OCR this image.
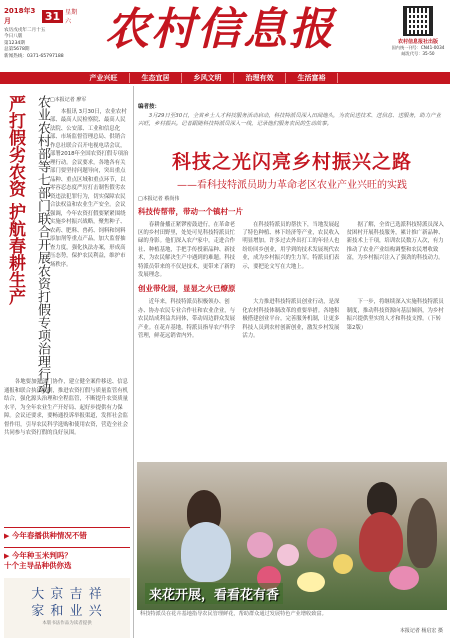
2018年3月	31 星期六
农历戊戌年二月十五
今日八版
第1234期
总第5678期
新闻热线：0371-65797188
农村信息报	农村信息报社出版
国内统一刊号：CN41-0034
邮发代号：35-50
产业兴旺	生态宜居	乡风文明	治理有效	生活富裕
严打假劣农资 护航春耕生产 农业农村部等七部门联合开展农资打假专项治理行动 □本报记者 廖军

本报讯 3月30日，农业农村部、最高人民检察院、最高人民法院、公安部、工业和信息化部、市场监督管理总局、供销合作总社联合召开电视电话会议，部署2018年全国农资打假专项治理行动。会议要求，各地各有关部门要坚持问题导向，突出重点品种、重点区域和重点环节，以零容忍态度严厉打击制售假劣农资违法犯罪行为，切实保障农民合法权益和农业生产安全。会议强调，今年农资打假要紧紧围绕实施乡村振兴战略，聚焦种子、农药、肥料、兽药、饲料和饲料添加剂等重点产品，加大监督抽查力度，强化执法办案，形成高压态势，保护农民利益，维护市场秩序。

各地要加强部门协作，建立健全案件移送、信息通报和联合执法机制，推进农资打假与质量监管有机结合，强化源头治理和全程监管，不断提升农资质量水平，为全年农业生产开好局、起好步提供有力保障。会议还要求，要畅通投诉举报渠道，发挥社会监督作用，引导农民科学选购和使用农资，营造全社会共同参与农资打假的良好氛围。
▶ 今年春播供种情况不错
▶ 今年种玉米判吗？
十个主导品种供你选
大 京 吉 祥
家 和 业 兴
本版书法作品为读者提供
编者按：
3月29日至30日，全省乡土人才科技服务活动启动，科技特派员深入田间地头，为农民送技术、送信息、送服务，助力产业兴旺，乡村振兴。记者跟随科技特派员深入一线，记录他们服务农民的生动故事。
科技之光闪亮乡村振兴之路
——看科技特派员助力革命老区农业产业兴旺的实践
□本报记者 蔡尚伟
科技传帮带，带动一个镇村一片
春耕备播正紧锣密鼓进行，在革命老区的乡村田野里，处处可见科技特派员忙碌的身影。他们深入农户家中，走进合作社、种植基地，手把手传授新品种、新技术，为农民解决生产中遇到的难题。科技特派员带来的不仅是技术，更带来了新的发展理念。
在科技特派员的帮扶下，当地发展起了特色种植、林下经济等产业，农民收入明显增加。许多过去外出打工的年轻人也纷纷回乡创业，用学到的技术发展现代农业，成为乡村振兴的生力军。特派员们表示，要把论文写在大地上。
据了解，全省已选派科技特派员深入贫困村开展科技服务，累计推广新品种、新技术上千项，培训农民数万人次，有力推动了农业产业结构调整和农民增收致富，为乡村振兴注入了强劲的科技动力。
创业带化园，显显之火已燎原
近年来，科技特派员积极领办、创办、协办农民专业合作社和农业企业，与农民结成利益共同体，带动周边群众发展产业。在花卉基地，特派员指导农户科学管理，鲜花远销省内外。
大力推进科技特派员创业行动，是深化农村科技体制改革的重要举措。各地积极搭建创业平台，完善服务机制，让更多科技人员到农村创新创业，激发乡村发展活力。
下一步，将继续深入实施科技特派员制度，推动科技资源向基层倾斜，为乡村振兴提供坚实的人才和科技支撑。（下转第2版）
来花开展，看看花有香
科技特派员在花卉基地指导农民管理鲜花，帮助群众通过发展特色产业增收致富。
本报记者 杨启宏 摄
